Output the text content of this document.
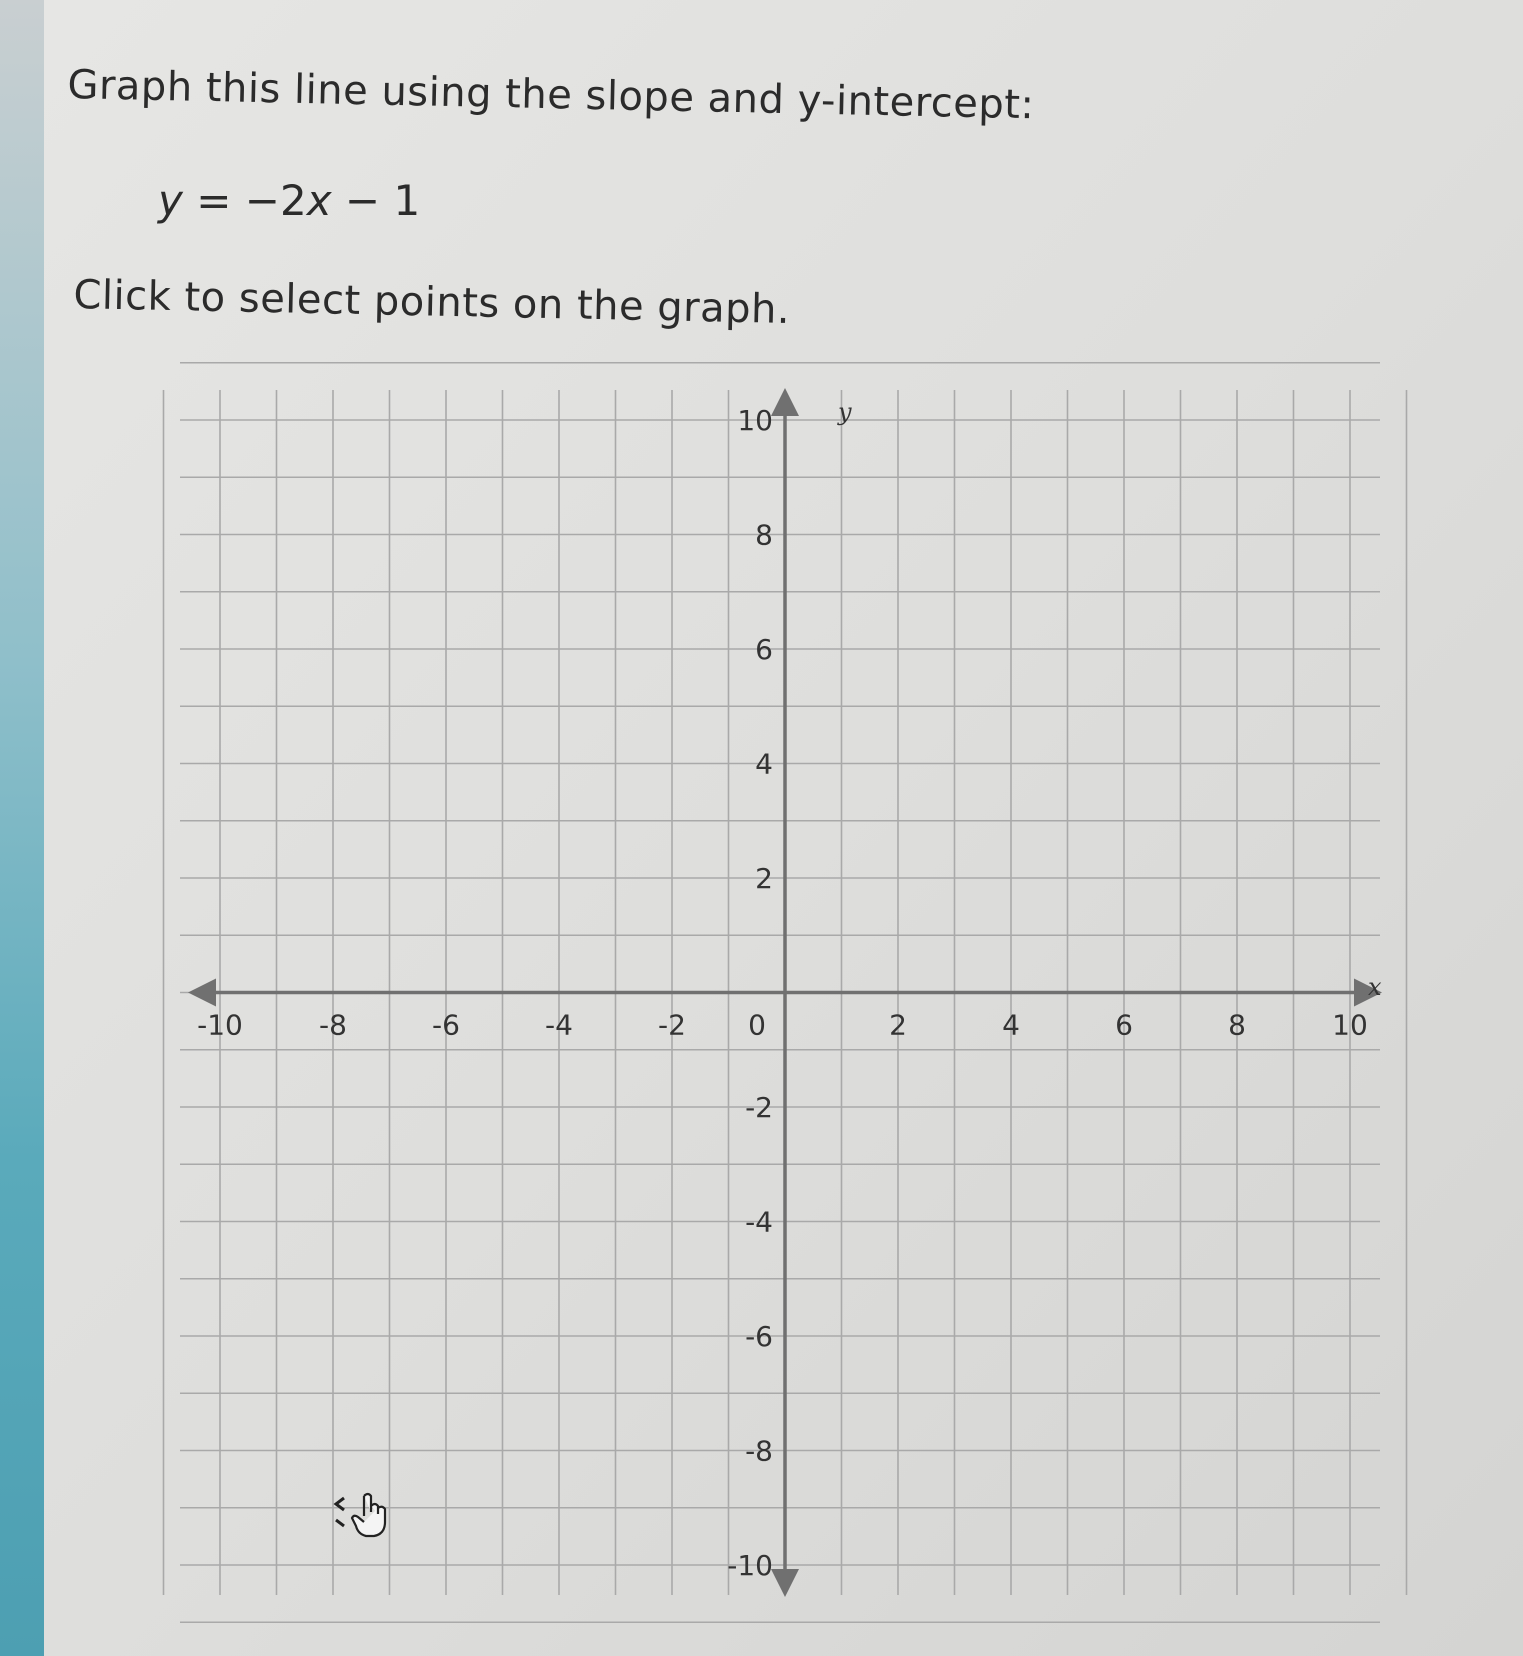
Graph this line using the slope and y-intercept:
y = −2x − 1
Click to select points on the graph.
-10	-8	-6	-4	-2 0	2	4	6	8	10
10
8
6
4
2
-2
-4
-6
-8
-10
x
y
